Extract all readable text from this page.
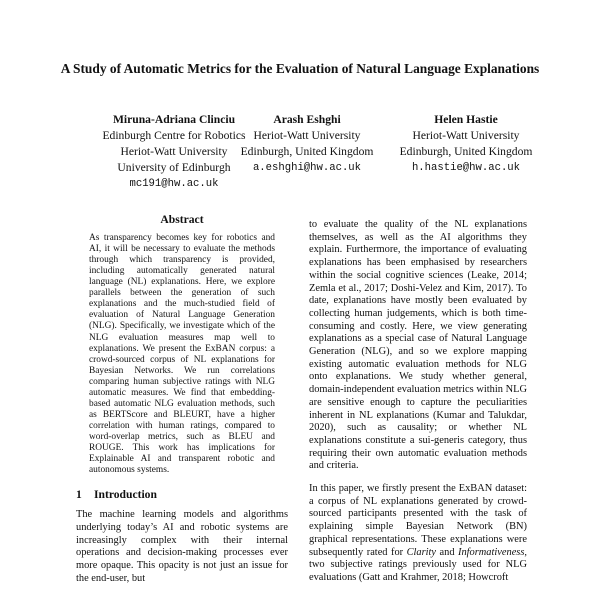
A Study of Automatic Metrics for the Evaluation of Natural Language Explanations
Miruna-Adriana Clinciu
Edinburgh Centre for Robotics
Heriot-Watt University
University of Edinburgh
mc191@hw.ac.uk
Arash Eshghi
Heriot-Watt University
Edinburgh, United Kingdom
a.eshghi@hw.ac.uk
Helen Hastie
Heriot-Watt University
Edinburgh, United Kingdom
h.hastie@hw.ac.uk

Abstract

As transparency becomes key for robotics and AI, it will be necessary to evaluate the methods through which transparency is provided, including automatically generated natural language (NL) explanations. Here, we explore parallels between the generation of such explanations and the much-studied field of evaluation of Natural Language Generation (NLG). Specifically, we investigate which of the NLG evaluation measures map well to explanations. We present the ExBAN corpus: a crowd-sourced corpus of NL explanations for Bayesian Networks. We run correlations comparing human subjective ratings with NLG automatic measures. We find that embedding-based automatic NLG evaluation methods, such as BERTScore and BLEURT, have a higher correlation with human ratings, compared to word-overlap metrics, such as BLEU and ROUGE. This work has implications for Explainable AI and transparent robotic and autonomous systems.

1 Introduction

The machine learning models and algorithms underlying today’s AI and robotic systems are increasingly complex with their internal operations and decision-making processes ever more opaque. This opacity is not just an issue for the end-user, but

to evaluate the quality of the NL explanations themselves, as well as the AI algorithms they explain. Furthermore, the importance of evaluating explanations has been emphasised by researchers within the social cognitive sciences (Leake, 2014; Zemla et al., 2017; Doshi-Velez and Kim, 2017). To date, explanations have mostly been evaluated by collecting human judgements, which is both time-consuming and costly. Here, we view generating explanations as a special case of Natural Language Generation (NLG), and so we explore mapping existing automatic evaluation methods for NLG onto explanations. We study whether general, domain-independent evaluation metrics within NLG are sensitive enough to capture the peculiarities inherent in NL explanations (Kumar and Talukdar, 2020), such as causality; or whether NL explanations constitute a sui-generis category, thus requiring their own automatic evaluation methods and criteria.

In this paper, we firstly present the ExBAN dataset: a corpus of NL explanations generated by crowd-sourced participants presented with the task of explaining simple Bayesian Network (BN) graphical representations. These explanations were subsequently rated for Clarity and Informativeness, two subjective ratings previously used for NLG evaluations (Gatt and Krahmer, 2018; Howcroft
